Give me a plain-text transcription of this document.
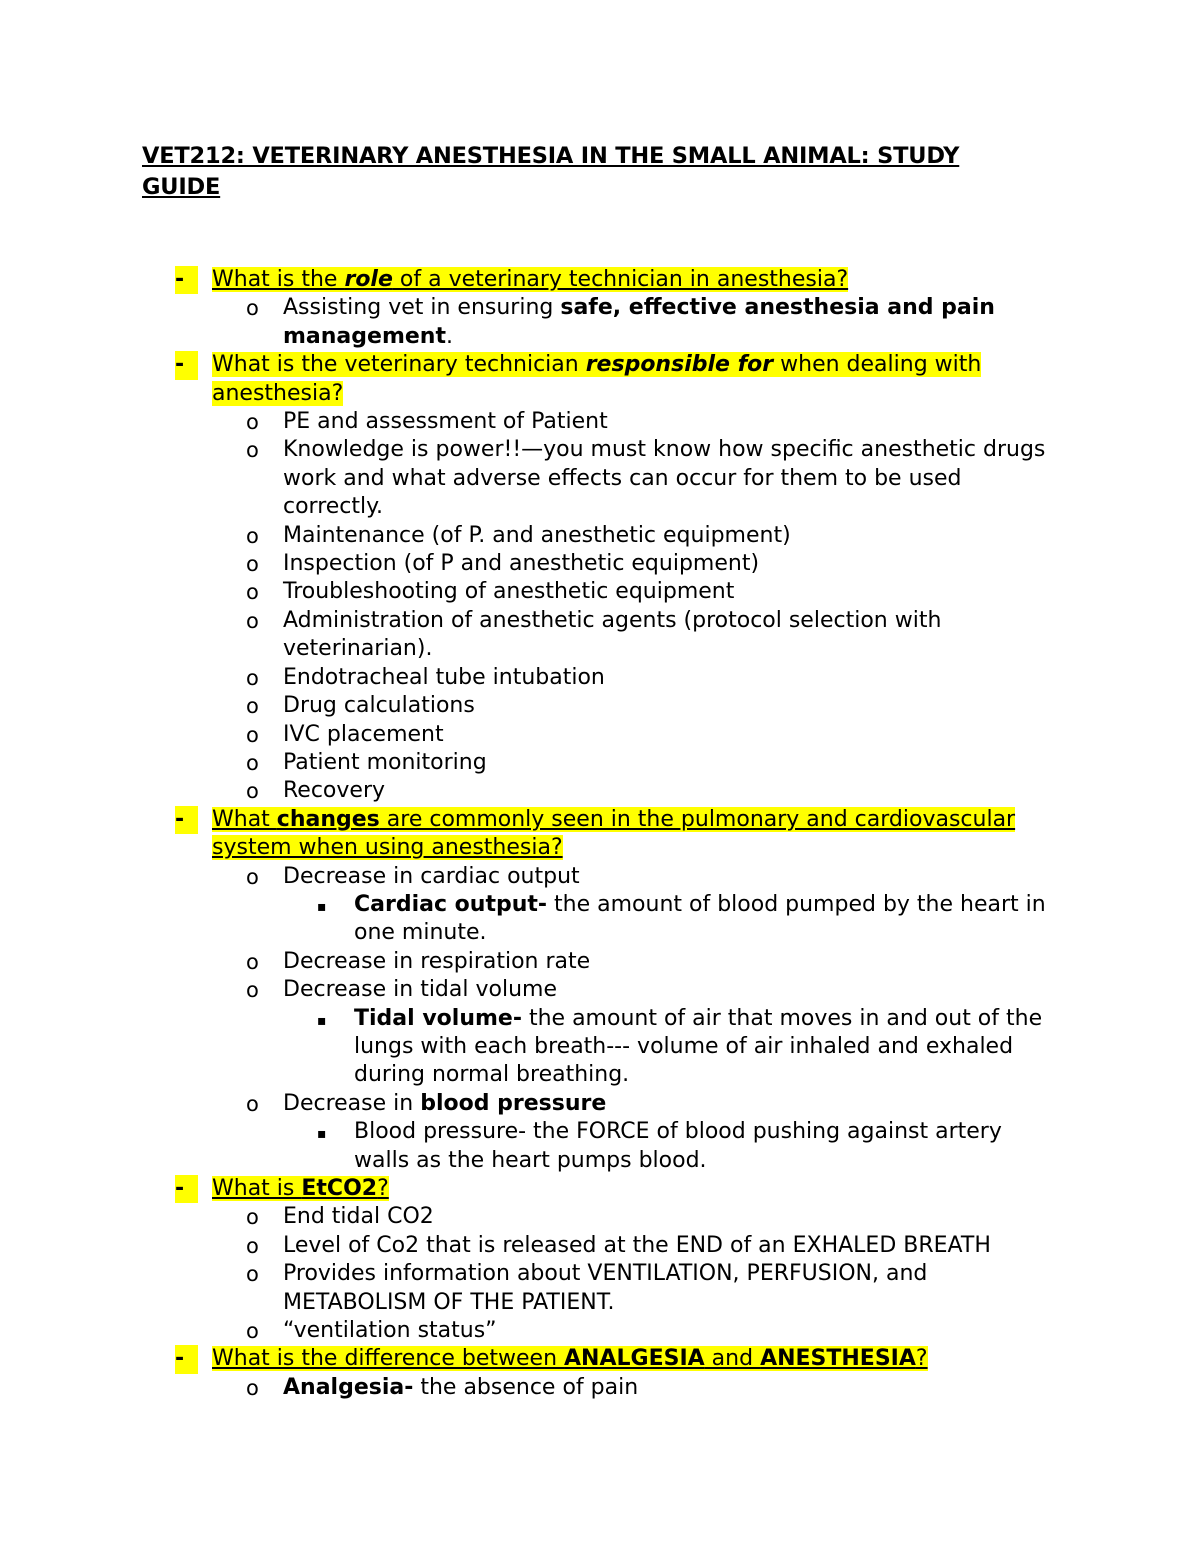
VET212: VETERINARY ANESTHESIA IN THE SMALL ANIMAL: STUDY GUIDE
-	What is the role of a veterinary technician in anesthesia?
o Assisting vet in ensuring safe, effective anesthesia and pain management.
-	What is the veterinary technician responsible for when dealing with anesthesia?
o PE and assessment of Patient
o Knowledge is power!!—you must know how specific anesthetic drugs work and what adverse effects can occur for them to be used correctly.
o Maintenance (of P. and anesthetic equipment)
o Inspection (of P and anesthetic equipment)
o Troubleshooting of anesthetic equipment
o Administration of anesthetic agents (protocol selection with veterinarian).
o Endotracheal tube intubation
o Drug calculations
o IVC placement
o Patient monitoring
o Recovery
-	What changes are commonly seen in the pulmonary and cardiovascular system when using anesthesia?
o Decrease in cardiac output
▪ Cardiac output- the amount of blood pumped by the heart in one minute.
o Decrease in respiration rate
o Decrease in tidal volume
▪ Tidal volume- the amount of air that moves in and out of the lungs with each breath--- volume of air inhaled and exhaled during normal breathing.
o Decrease in blood pressure
▪ Blood pressure- the FORCE of blood pushing against artery walls as the heart pumps blood.
-	What is EtCO2?
o End tidal CO2
o Level of Co2 that is released at the END of an EXHALED BREATH
o Provides information about VENTILATION, PERFUSION, and METABOLISM OF THE PATIENT.
o “ventilation status”
-	What is the difference between ANALGESIA and ANESTHESIA?
o Analgesia- the absence of pain
